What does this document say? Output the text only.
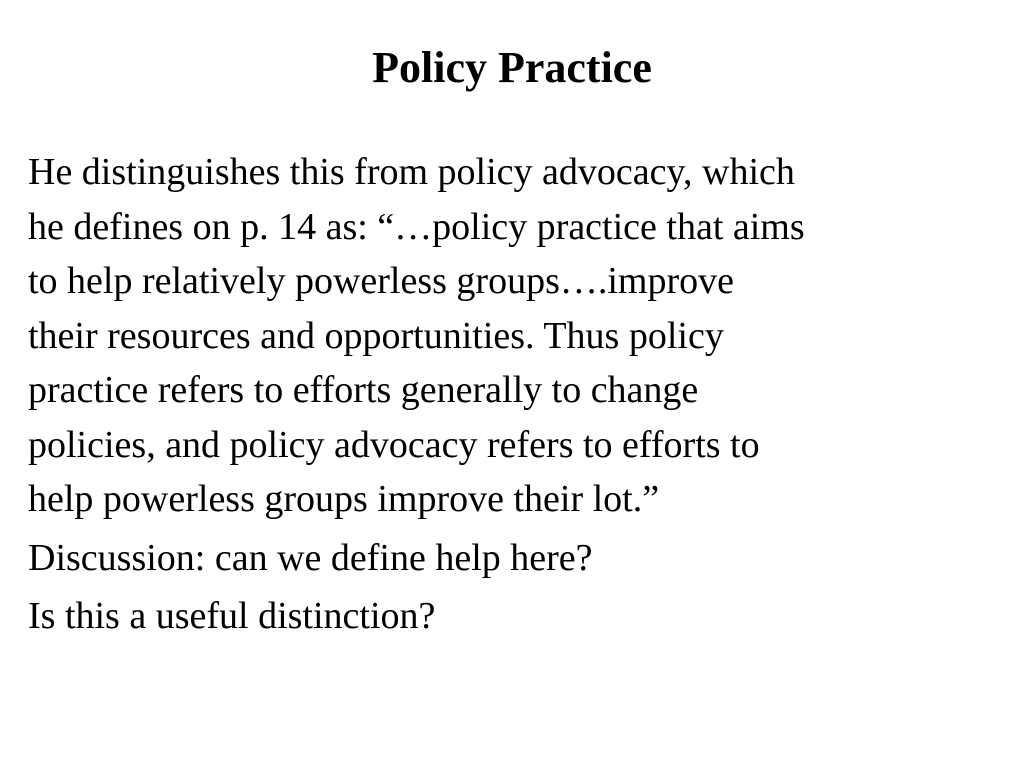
Policy Practice

He distinguishes this from policy advocacy, which
he defines on p. 14 as: “…policy practice that aims
to help relatively powerless groups….improve
their resources and opportunities. Thus policy
practice refers to efforts generally to change
policies, and policy advocacy refers to efforts to
help powerless groups improve their lot.”

Discussion: can we define help here?

Is this a useful distinction?
